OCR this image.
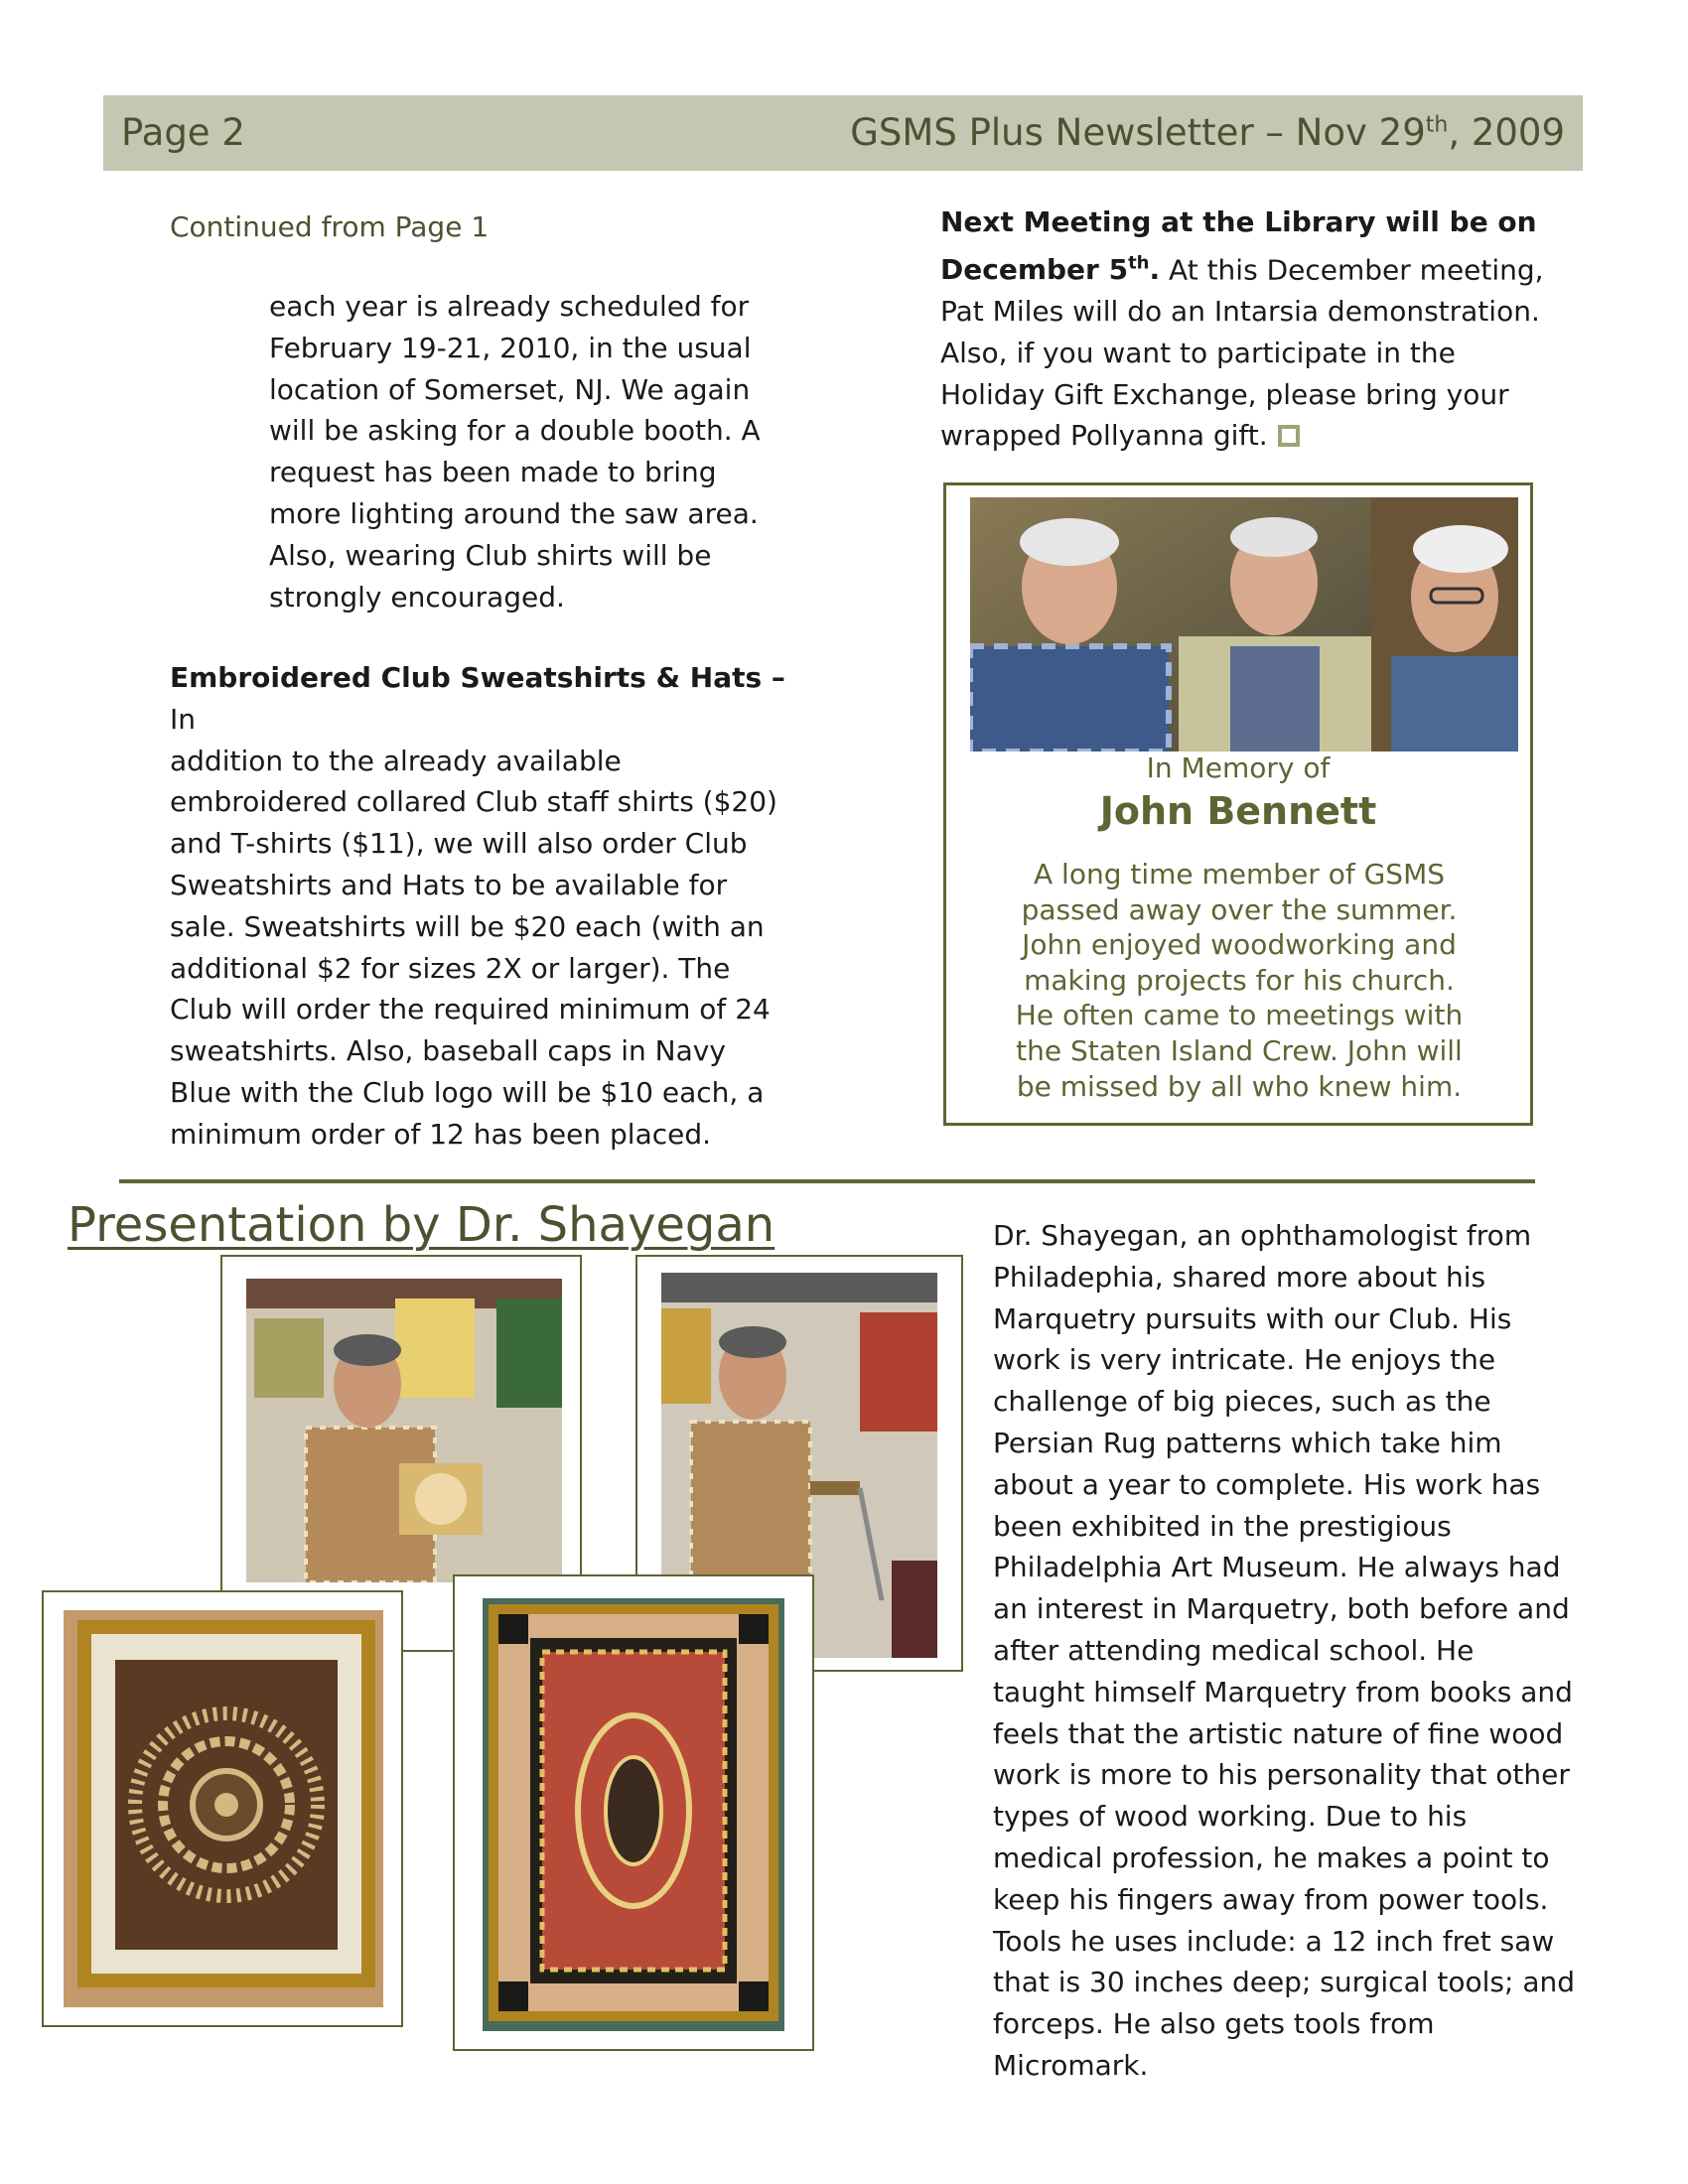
Page 2	GSMS Plus Newsletter – Nov 29th, 2009
Continued from Page 1
each year is already scheduled for
February 19-21, 2010, in the usual
location of Somerset, NJ. We again
will be asking for a double booth. A
request has been made to bring
more lighting around the saw area.
Also, wearing Club shirts will be
strongly encouraged.
Embroidered Club Sweatshirts & Hats – In
addition to the already available
embroidered collared Club staff shirts ($20)
and T-shirts ($11), we will also order Club
Sweatshirts and Hats to be available for
sale. Sweatshirts will be $20 each (with an
additional $2 for sizes 2X or larger). The
Club will order the required minimum of 24
sweatshirts. Also, baseball caps in Navy
Blue with the Club logo will be $10 each, a
minimum order of 12 has been placed.
Next Meeting at the Library will be on
December 5th. At this December meeting,
Pat Miles will do an Intarsia demonstration.
Also, if you want to participate in the
Holiday Gift Exchange, please bring your
wrapped Pollyanna gift.
In Memory of
John Bennett
A long time member of GSMS
passed away over the summer.
John enjoyed woodworking and
making projects for his church.
He often came to meetings with
the Staten Island Crew. John will
be missed by all who knew him.
Presentation by Dr. Shayegan	Dr. Shayegan, an ophthamologist from
Philadephia, shared more about his
Marquetry pursuits with our Club. His
work is very intricate. He enjoys the
challenge of big pieces, such as the
Persian Rug patterns which take him
about a year to complete. His work has
been exhibited in the prestigious
Philadelphia Art Museum. He always had
an interest in Marquetry, both before and
after attending medical school. He
taught himself Marquetry from books and
feels that the artistic nature of fine wood
work is more to his personality that other
types of wood working. Due to his
medical profession, he makes a point to
keep his fingers away from power tools.
Tools he uses include: a 12 inch fret saw
that is 30 inches deep; surgical tools; and
forceps. He also gets tools from
Micromark.
